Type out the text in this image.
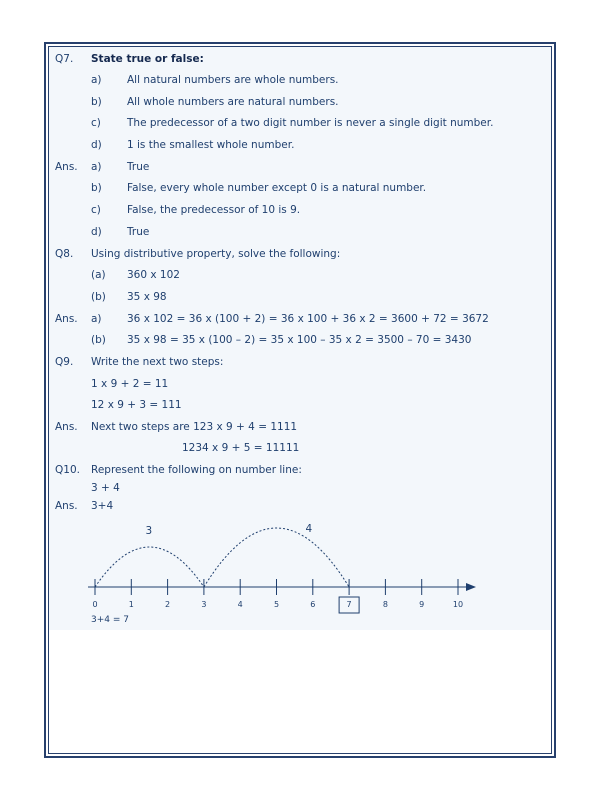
Q7. State true or false:
a) All natural numbers are whole numbers.
b) All whole numbers are natural numbers.
c) The predecessor of a two digit number is never a single digit number.
d) 1 is the smallest whole number.
Ans. a) True
b) False, every whole number except 0 is a natural number.
c) False, the predecessor of 10 is 9.
d) True
Q8. Using distributive property, solve the following:
(a) 360 x 102
(b) 35 x 98
Ans. a) 36 x 102 = 36 x (100 + 2) = 36 x 100 + 36 x 2 = 3600 + 72 = 3672
(b) 35 x 98 = 35 x (100 – 2) = 35 x 100 – 35 x 2 = 3500 – 70 = 3430
Q9. Write the next two steps:
1 x 9 + 2 = 11
12 x 9 + 3 = 111
Ans. Next two steps are 123 x 9 + 4 = 1111
1234 x 9 + 5 = 11111
Q10. Represent the following on number line:
3 + 4
Ans. 3+4
0	1	2	3	4	5	6	7	8	9	10
3	4
3+4 = 7
